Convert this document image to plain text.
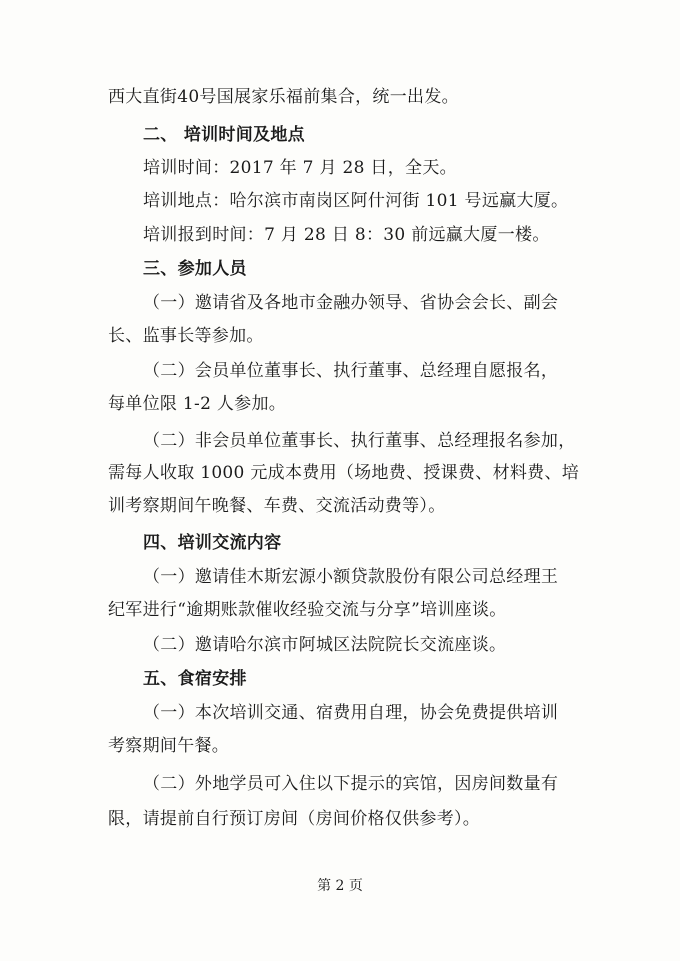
西大直街40号国展家乐福前集合，统一出发。
二、 培训时间及地点
培训时间：2017 年 7 月 28 日，全天。
培训地点：哈尔滨市南岗区阿什河街 101 号远赢大厦。
培训报到时间：7 月 28 日 8：30 前远赢大厦一楼。
三、参加人员
（一）邀请省及各地市金融办领导、省协会会长、副会
长、监事长等参加。
（二）会员单位董事长、执行董事、总经理自愿报名，
每单位限 1-2 人参加。
（二）非会员单位董事长、执行董事、总经理报名参加，
需每人收取 1000 元成本费用（场地费、授课费、材料费、培
训考察期间午晚餐、车费、交流活动费等）。
四、培训交流内容
（一）邀请佳木斯宏源小额贷款股份有限公司总经理王
纪军进行“逾期账款催收经验交流与分享”培训座谈。
（二）邀请哈尔滨市阿城区法院院长交流座谈。
五、食宿安排
（一）本次培训交通、宿费用自理，协会免费提供培训
考察期间午餐。
（二）外地学员可入住以下提示的宾馆，因房间数量有
限，请提前自行预订房间（房间价格仅供参考）。
第 2 页
